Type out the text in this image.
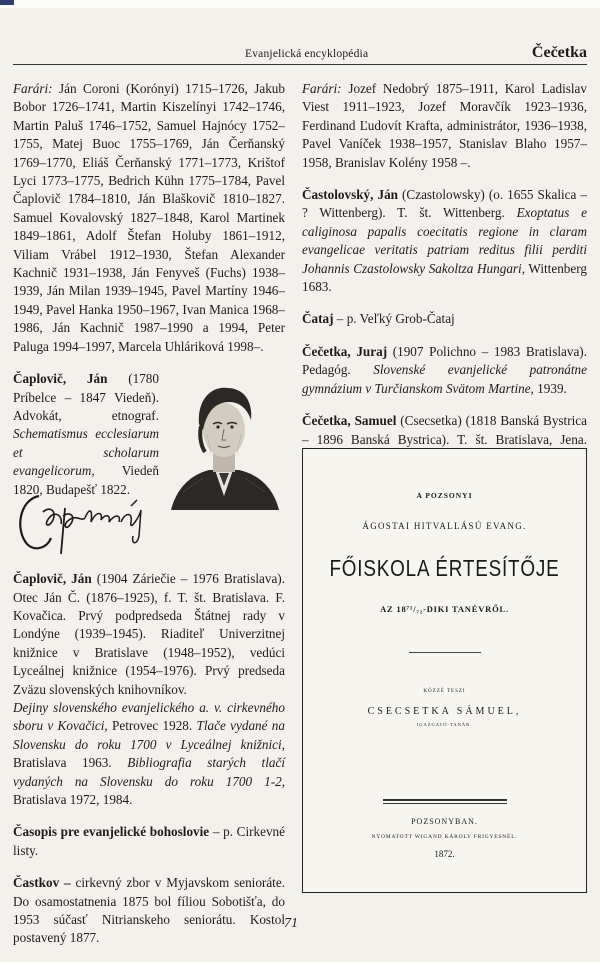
Evanjelická encyklopédia	Čečetka

Farári: Ján Coroni (Korónyi) 1715–1726, Jakub Bobor 1726–1741, Martin Kiszelínyi 1742–1746, Martin Paluš 1746–1752, Samuel Hajnócy 1752–1755, Matej Buoc 1755–1769, Ján Čerňanský 1769–1770, Eliáš Čerňanský 1771–1773, Krištof Lyci 1773–1775, Bedrich Kühn 1775–1784, Pavel Čaplovič 1784–1810, Ján Blaškovič 1810–1827. Samuel Kovalovský 1827–1848, Karol Martinek 1849–1861, Adolf Štefan Holuby 1861–1912, Viliam Vrábel 1912–1930, Štefan Alexander Kachnič 1931–1938, Ján Fenyveš (Fuchs) 1938–1939, Ján Milan 1939–1945, Pavel Martíny 1946–1949, Pavel Hanka 1950–1967, Ivan Manica 1968–1986, Ján Kachnič 1987–1990 a 1994, Peter Paluga 1994–1997, Marcela Uhláriková 1998–.

Čaplovič, Ján (1780 Príbelce – 1847 Viedeň). Advokát, etnograf. Schematismus ecclesiarum et scholarum evangelicorum, Viedeň 1820, Budapešť 1822.

Čaplovič, Ján (1904 Záriečie – 1976 Bratislava). Otec Ján Č. (1876–1925), f. T. št. Bratislava. F. Kovačica. Prvý podpredseda Štátnej rady v Londýne (1939–1945). Riaditeľ Univerzitnej knižnice v Bratislave (1948–1952), vedúci Lyceálnej knižnice (1954–1976). Prvý predseda Zväzu slovenských knihovníkov.

Dejiny slovenského evanjelického a. v. cirkevného sboru v Kovačici, Petrovec 1928. Tlače vydané na Slovensku do roku 1700 v Lyceálnej knižnici, Bratislava 1963. Bibliografia starých tlačí vydaných na Slovensku do roku 1700 1-2, Bratislava 1972, 1984.

Časopis pre evanjelické bohoslovie – p. Cirkevné listy.

Častkov – cirkevný zbor v Myjavskom senioráte. Do osamostatnenia 1875 bol fíliou Sobotišťa, do 1953 súčasť Nitrianskeho seniorátu. Kostol postavený 1877.

Farári: Jozef Nedobrý 1875–1911, Karol Ladislav Viest 1911–1923, Jozef Moravčík 1923–1936, Ferdinand Ľudovít Krafta, administrátor, 1936–1938, Pavel Vaníček 1938–1957, Stanislav Blaho 1957–1958, Branislav Kolény 1958 –.

Častolovský, Ján (Czastolowsky) (o. 1655 Skalica – ? Wittenberg). T. št. Wittenberg. Exoptatus e caliginosa papalis coecitatis regione in claram evangelicae veritatis patriam reditus filii perditi Johannis Czastolowsky Sakoltza Hungari, Wittenberg 1683.

Čataj – p. Veľký Grob-Čataj

Čečetka, Juraj (1907 Polichno – 1983 Bratislava). Pedagóg. Slovenské evanjelické patronátne gymnázium v Turčianskom Svätom Martine, 1939.

Čečetka, Samuel (Csecsetka) (1818 Banská Bystrica – 1896 Banská Bystrica). T. št. Bratislava, Jena.

A POZSONYI
ÁGOSTAI HITVALLÁSÚ EVANG.
FŐISKOLA ÉRTESÍTŐJE
AZ 18⁷¹/₇₂-DIKI TANÉVRŐL.
KÖZZÉ TESZI
CSECSETKA SÁMUEL,
IGAZGATÓ-TANÁR.
POZSONYBAN.
NYOMATOTT WIGAND KÁROLY FRIGYESNÉL.
1872.
71
